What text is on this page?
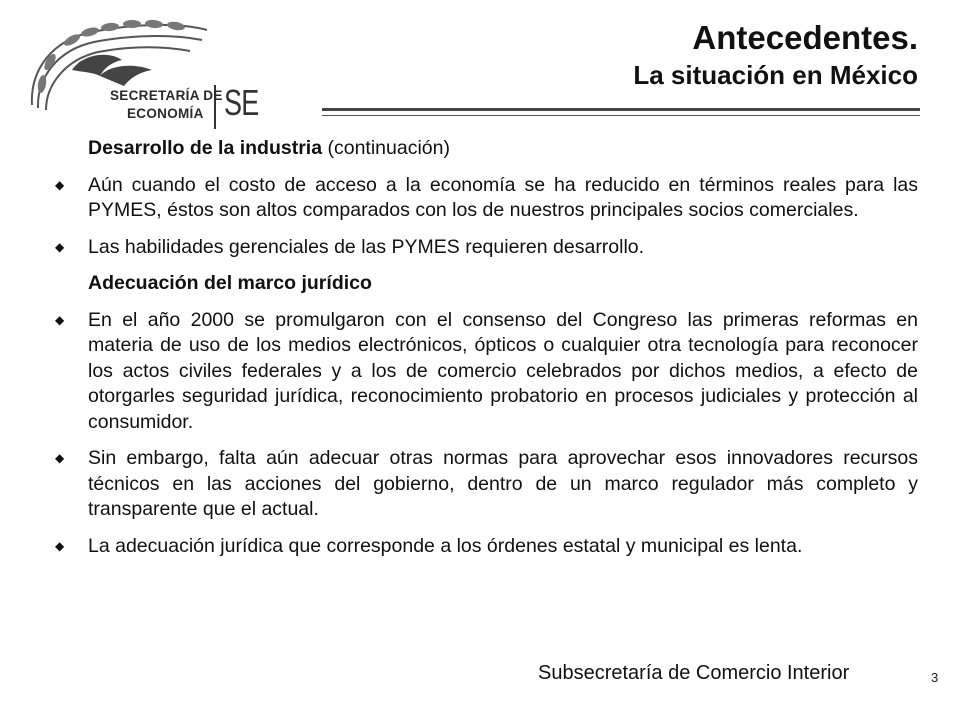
SECRETARÍA DE
ECONOMÍA SE
Antecedentes.
La situación en México
Desarrollo de la industria (continuación)
◆ Aún cuando el costo de acceso a la economía se ha reducido en términos reales para las PYMES, éstos son altos comparados con los de nuestros principales socios comerciales.
◆ Las habilidades gerenciales de las PYMES requieren desarrollo.
Adecuación del marco jurídico
◆ En el año 2000 se promulgaron con el consenso del Congreso las primeras reformas en materia de uso de los medios electrónicos, ópticos o cualquier otra tecnología para reconocer los actos civiles federales y a los de comercio celebrados por dichos medios, a efecto de otorgarles seguridad jurídica, reconocimiento probatorio en procesos judiciales y protección al consumidor.
◆ Sin embargo, falta aún adecuar otras normas para aprovechar esos innovadores recursos técnicos en las acciones del gobierno, dentro de un marco regulador más completo y transparente que el actual.
◆ La adecuación jurídica que corresponde a los órdenes estatal y municipal es lenta.
Subsecretaría de Comercio Interior	3
